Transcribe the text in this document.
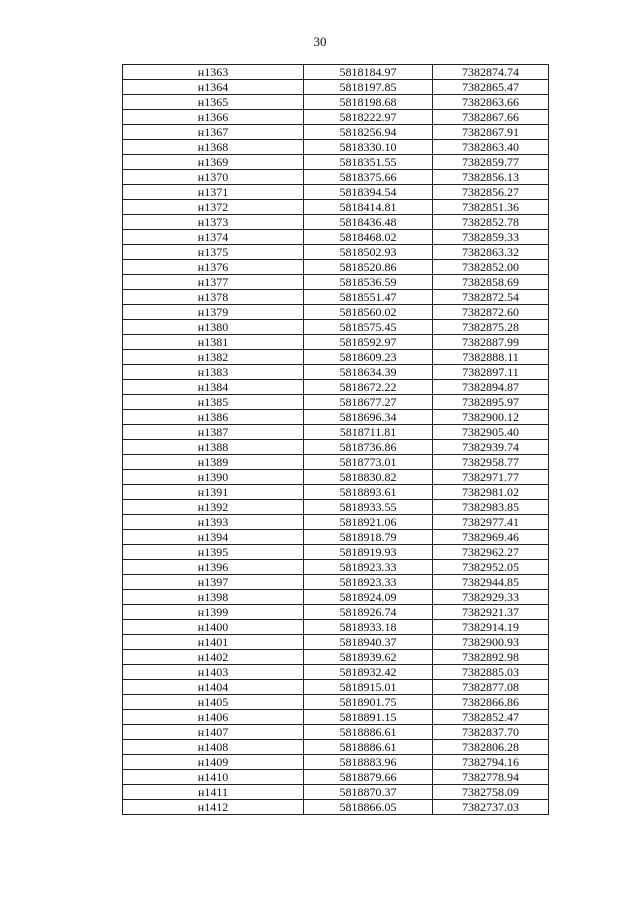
30
н1363	5818184.97	7382874.74
н1364	5818197.85	7382865.47
н1365	5818198.68	7382863.66
н1366	5818222.97	7382867.66
н1367	5818256.94	7382867.91
н1368	5818330.10	7382863.40
н1369	5818351.55	7382859.77
н1370	5818375.66	7382856.13
н1371	5818394.54	7382856.27
н1372	5818414.81	7382851.36
н1373	5818436.48	7382852.78
н1374	5818468.02	7382859.33
н1375	5818502.93	7382863.32
н1376	5818520.86	7382852.00
н1377	5818536.59	7382858.69
н1378	5818551.47	7382872.54
н1379	5818560.02	7382872.60
н1380	5818575.45	7382875.28
н1381	5818592.97	7382887.99
н1382	5818609.23	7382888.11
н1383	5818634.39	7382897.11
н1384	5818672.22	7382894.87
н1385	5818677.27	7382895.97
н1386	5818696.34	7382900.12
н1387	5818711.81	7382905.40
н1388	5818736.86	7382939.74
н1389	5818773.01	7382958.77
н1390	5818830.82	7382971.77
н1391	5818893.61	7382981.02
н1392	5818933.55	7382983.85
н1393	5818921.06	7382977.41
н1394	5818918.79	7382969.46
н1395	5818919.93	7382962.27
н1396	5818923.33	7382952.05
н1397	5818923.33	7382944.85
н1398	5818924.09	7382929.33
н1399	5818926.74	7382921.37
н1400	5818933.18	7382914.19
н1401	5818940.37	7382900.93
н1402	5818939.62	7382892.98
н1403	5818932.42	7382885.03
н1404	5818915.01	7382877.08
н1405	5818901.75	7382866.86
н1406	5818891.15	7382852.47
н1407	5818886.61	7382837.70
н1408	5818886.61	7382806.28
н1409	5818883.96	7382794.16
н1410	5818879.66	7382778.94
н1411	5818870.37	7382758.09
н1412	5818866.05	7382737.03
